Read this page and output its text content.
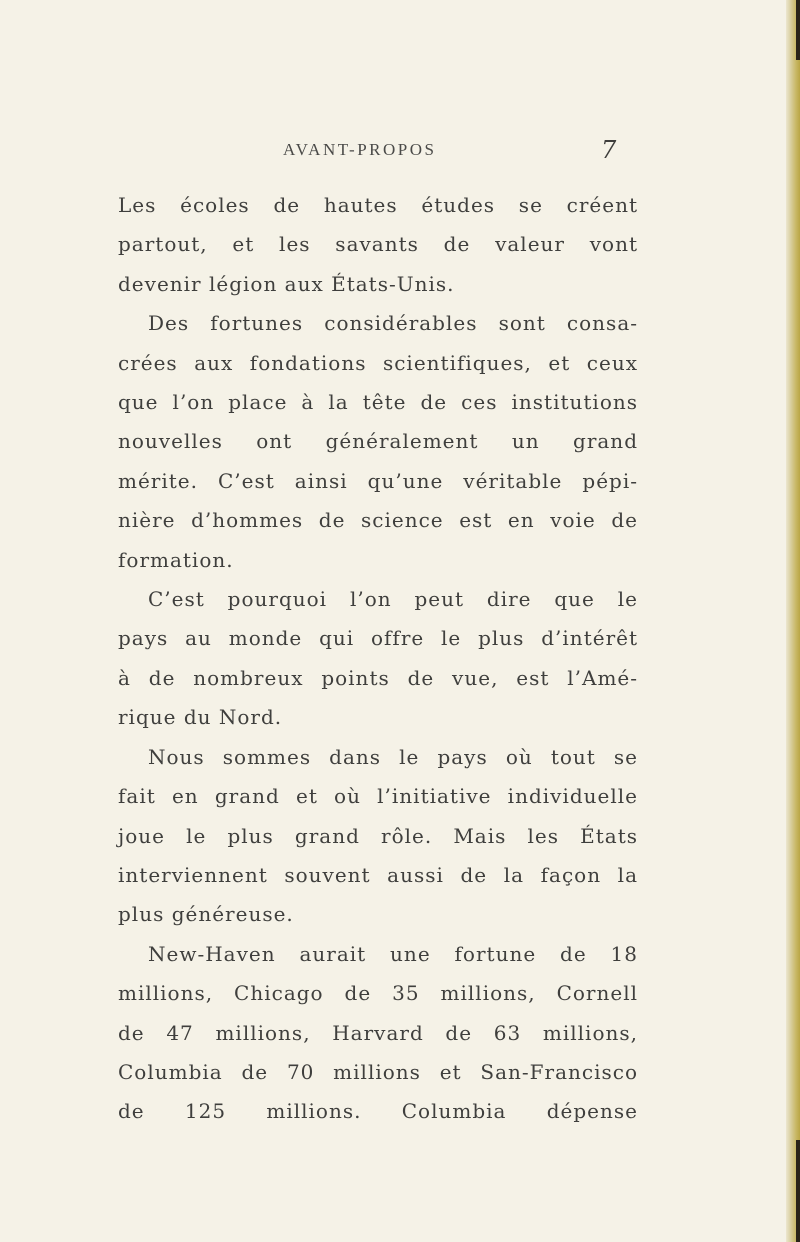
AVANT-PROPOS	7
Les écoles de hautes études se créent
partout, et les savants de valeur vont
devenir légion aux États-Unis.
Des fortunes considérables sont consa-
crées aux fondations scientifiques, et ceux
que l’on place à la tête de ces institutions
nouvelles ont généralement un grand
mérite. C’est ainsi qu’une véritable pépi-
nière d’hommes de science est en voie de
formation.
C’est pourquoi l’on peut dire que le
pays au monde qui offre le plus d’intérêt
à de nombreux points de vue, est l’Amé-
rique du Nord.
Nous sommes dans le pays où tout se
fait en grand et où l’initiative individuelle
joue le plus grand rôle. Mais les États
interviennent souvent aussi de la façon la
plus généreuse.
New-Haven aurait une fortune de 18
millions, Chicago de 35 millions, Cornell
de 47 millions, Harvard de 63 millions,
Columbia de 70 millions et San-Francisco
de 125 millions. Columbia dépense
